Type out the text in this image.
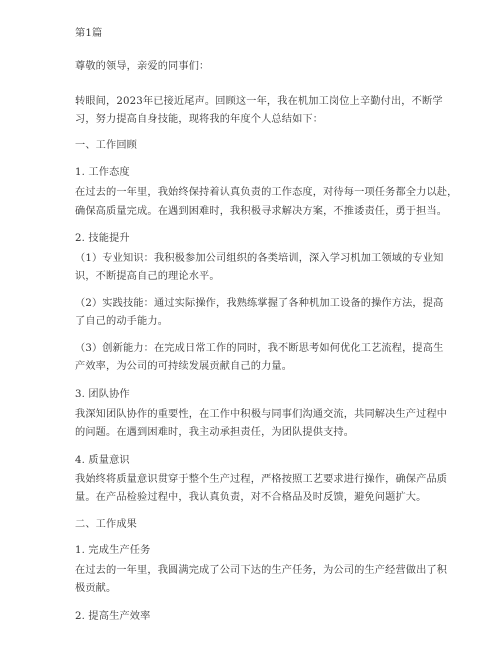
第1篇
尊敬的领导，亲爱的同事们：
转眼间，2023年已接近尾声。回顾这一年，我在机加工岗位上辛勤付出，不断学
习，努力提高自身技能，现将我的年度个人总结如下：
一、工作回顾
1. 工作态度
在过去的一年里，我始终保持着认真负责的工作态度，对待每一项任务都全力以赴，
确保高质量完成。在遇到困难时，我积极寻求解决方案，不推诿责任，勇于担当。
2. 技能提升
（1）专业知识：我积极参加公司组织的各类培训，深入学习机加工领域的专业知
识，不断提高自己的理论水平。
（2）实践技能：通过实际操作，我熟练掌握了各种机加工设备的操作方法，提高
了自己的动手能力。
（3）创新能力：在完成日常工作的同时，我不断思考如何优化工艺流程，提高生
产效率，为公司的可持续发展贡献自己的力量。
3. 团队协作
我深知团队协作的重要性，在工作中积极与同事们沟通交流，共同解决生产过程中
的问题。在遇到困难时，我主动承担责任，为团队提供支持。
4. 质量意识
我始终将质量意识贯穿于整个生产过程，严格按照工艺要求进行操作，确保产品质
量。在产品检验过程中，我认真负责，对不合格品及时反馈，避免问题扩大。
二、工作成果
1. 完成生产任务
在过去的一年里，我圆满完成了公司下达的生产任务，为公司的生产经营做出了积
极贡献。
2. 提高生产效率
